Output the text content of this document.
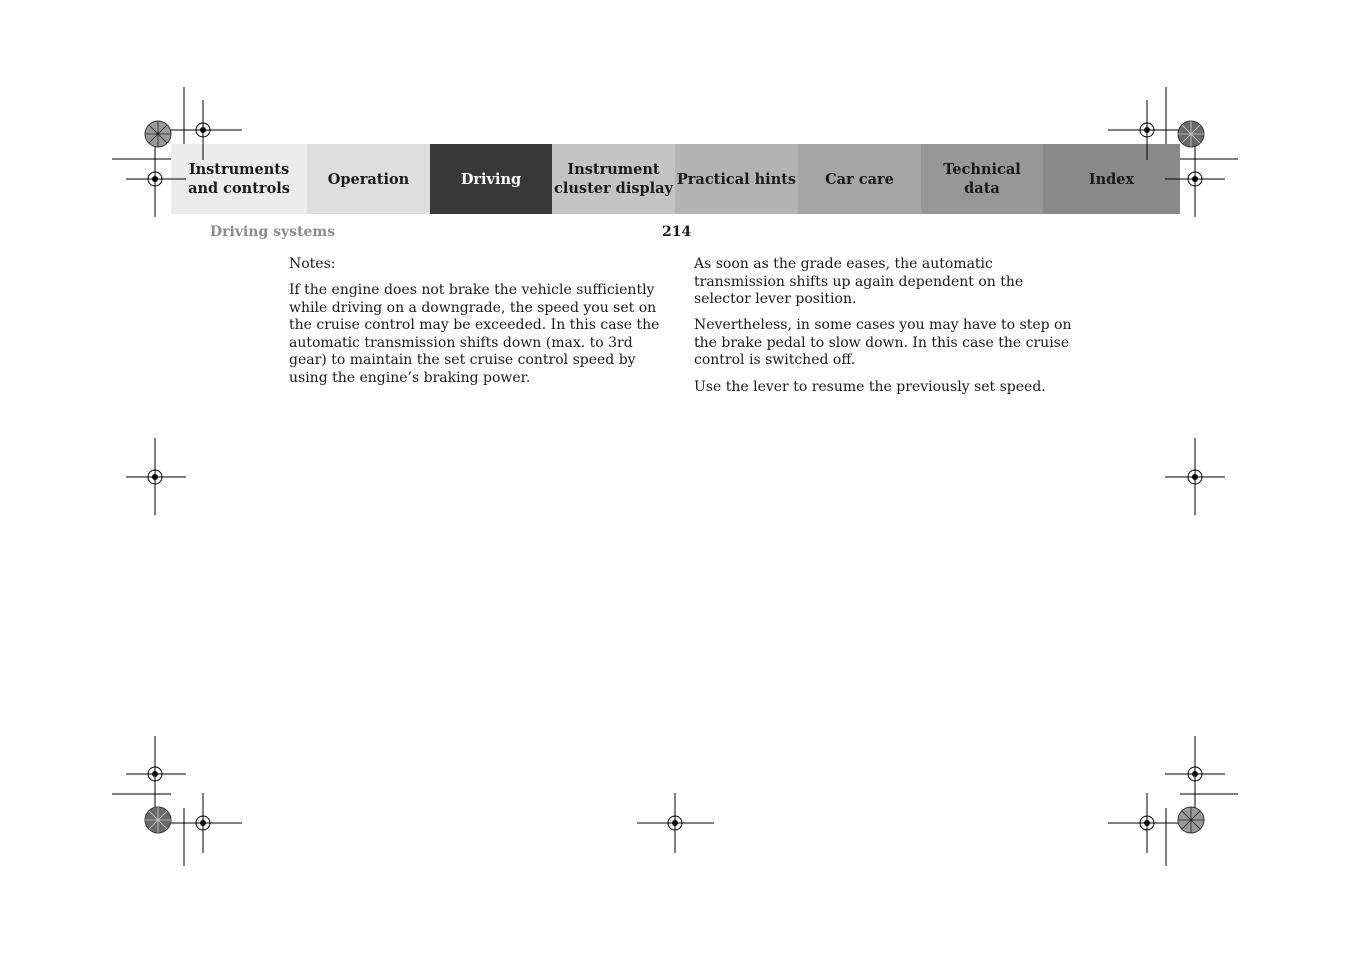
Instruments
and controls
Operation	Driving
Instrument
cluster display
Practical hints Car care
Technical
data
Index
Driving systems	214

Notes:

If the engine does not brake the vehicle sufficiently while driving on a downgrade, the speed you set on the cruise control may be exceeded. In this case the automatic transmission shifts down (max. to 3rd gear) to maintain the set cruise control speed by using the engine’s braking power.

As soon as the grade eases, the automatic transmission shifts up again dependent on the selector lever position.

Nevertheless, in some cases you may have to step on the brake pedal to slow down. In this case the cruise control is switched off.

Use the lever to resume the previously set speed.
